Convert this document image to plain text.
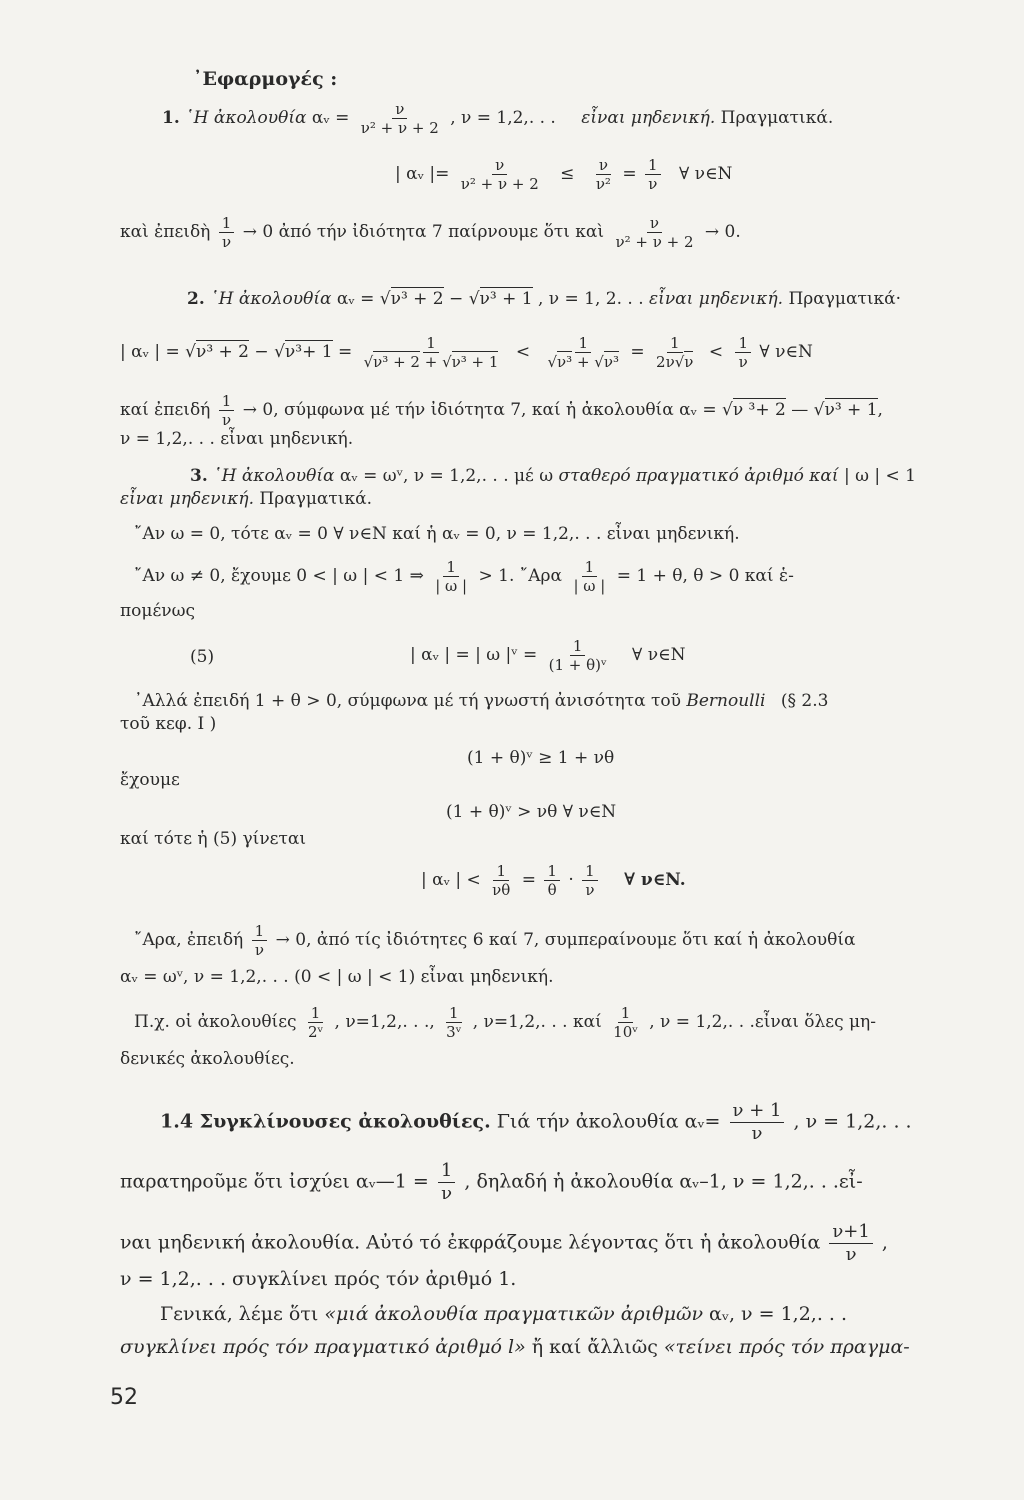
᾿Εφαρμογές :
1. ῾Η ἀκολουθία αᵥ = $\frac{\nu}{\text{ν² + ν + 2}}$ , ν = 1,2,. . . εἶναι μηδενική. Πραγματικά.
| αᵥ |= $\frac{\nu}{\text{ν² + ν + 2}} \le \frac{\nu}{\text{ν²}} = \frac{1}{\nu}$ ∀ ν∈N
καὶ ἐπειδὴ $\frac{1}{\nu} \to 0$ ἀπό τήν ἰδιότητα 7 παίρνουμε ὅτι καὶ $\frac{\nu}{\text{ν² + ν + 2}} \to 0$.
2. ῾Η ἀκολουθία αᵥ = √ν³ + 2 − √ν³ + 1 , ν = 1, 2. . . εἶναι μηδενική. Πραγματικά·
| αᵥ | = $√\nu^3 + 2 - √\nu^3+ 1 = \frac{1}{\text{√ν³ + 2 + √ν³ + 1}} < \frac{1}{\text{√ν³ + √ν³}} = \frac{1}{2\nu√\nu} < \frac{1}{\nu}$ ∀ ν∈N
καί ἐπειδή $\frac{1}{\nu} \to 0$, σύμφωνα μέ τήν ἰδιότητα 7, καί ἡ ἀκολουθία αᵥ = √ν ³+ 2 — √ν³ + 1,
ν = 1,2,. . . εἶναι μηδενική.
3. ῾Η ἀκολουθία αᵥ = ωᵛ, ν = 1,2,. . . μέ ω σταθερό πραγματικό ἀριθμό καί | ω | < 1
εἶναι μηδενική. Πραγματικά.
῎Αν ω = 0, τότε αᵥ = 0 ∀ ν∈N καί ἡ αᵥ = 0, ν = 1,2,. . . εἶναι μηδενική.
῎Αν ω ≠ 0, ἔχουμε 0 < | ω | < 1 ⇒ $\frac{1}{| \omega |} > 1$. ῎Αρα $\frac{1}{| \omega |} = 1 + \theta$, θ > 0 καί ἑ-
πομένως
(5)	| αᵥ | = | ω |ᵛ = $\frac{1}{\text{(1 + θ)ᵛ}}$ ∀ ν∈N
᾿Αλλά ἐπειδή 1 + θ > 0, σύμφωνα μέ τή γνωστή ἀνισότητα τοῦ Bernoulli (§ 2.3
τοῦ κεφ. I )
(1 + θ)ᵛ ≥ 1 + νθ
ἔχουμε
(1 + θ)ᵛ > νθ ∀ ν∈N
καί τότε ἡ (5) γίνεται
| αᵥ | < $\frac{1}{\nu\theta} = \frac{1}{\theta} \cdot \frac{1}{\nu}$ ∀ ν∈N.
῎Αρα, ἐπειδή $\frac{1}{\nu} \to 0$, ἀπό τίς ἰδιότητες 6 καί 7, συμπεραίνουμε ὅτι καί ἡ ἀκολουθία
αᵥ = ωᵛ, ν = 1,2,. . . (0 < | ω | < 1) εἶναι μηδενική.
Π.χ. οἱ ἀκολουθίες $\frac{1}{\text{2ᵛ}}$ , ν=1,2,. . ., $\frac{1}{\text{3ᵛ}}$ , ν=1,2,. . . καί $\frac{1}{\text{10ᵛ}}$ , ν = 1,2,. . .εἶναι ὅλες μη-
δενικές ἀκολουθίες.
1.4 Συγκλίνουσες ἀκολουθίες. Γιά τήν ἀκολουθία αᵥ= $\frac{\nu + 1}{\nu}$ , ν = 1,2,. . .
παρατηροῦμε ὅτι ἰσχύει αᵥ—1 = $\frac{1}{\nu}$ , δηλαδή ἡ ἀκολουθία αᵥ–1, ν = 1,2,. . .εἶ-
ναι μηδενική ἀκολουθία. Αὐτό τό ἐκφράζουμε λέγοντας ὅτι ἡ ἀκολουθία $\frac{\nu+1}{\nu}$ ,
ν = 1,2,. . . συγκλίνει πρός τόν ἀριθμό 1.
Γενικά, λέμε ὅτι «μιά ἀκολουθία πραγματικῶν ἀριθμῶν αᵥ, ν = 1,2,. . .
συγκλίνει πρός τόν πραγματικό ἀριθμό l» ἤ καί ἄλλιῶς «τείνει πρός τόν πραγμα-
52
